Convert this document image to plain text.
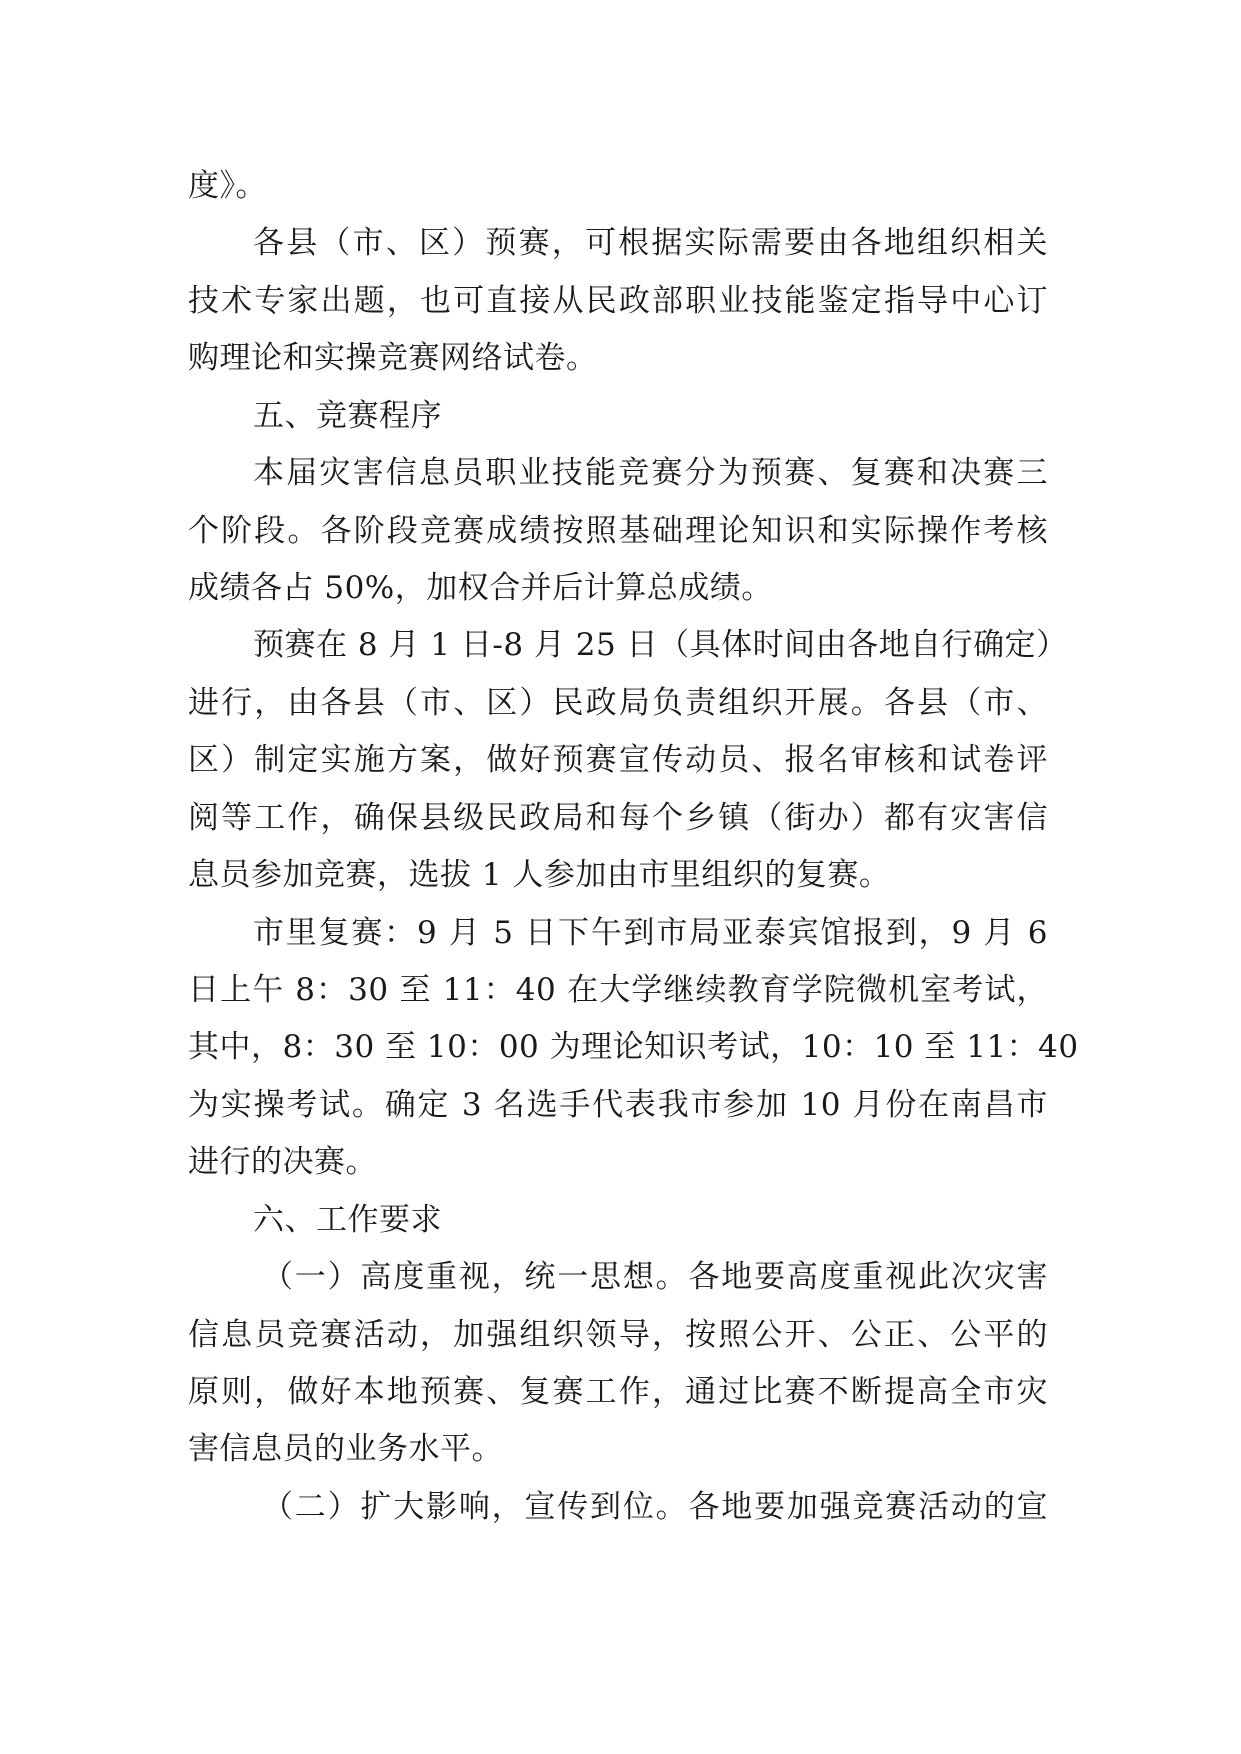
度》。
各县（市、区）预赛，可根据实际需要由各地组织相关
技术专家出题，也可直接从民政部职业技能鉴定指导中心订
购理论和实操竞赛网络试卷。
五、竞赛程序
本届灾害信息员职业技能竞赛分为预赛、复赛和决赛三
个阶段。各阶段竞赛成绩按照基础理论知识和实际操作考核
成绩各占 50%，加权合并后计算总成绩。
预赛在 8 月 1 日-8 月 25 日（具体时间由各地自行确定）
进行，由各县（市、区）民政局负责组织开展。各县（市、
区）制定实施方案，做好预赛宣传动员、报名审核和试卷评
阅等工作，确保县级民政局和每个乡镇（街办）都有灾害信
息员参加竞赛，选拔 1 人参加由市里组织的复赛。
市里复赛：9 月 5 日下午到市局亚泰宾馆报到，9 月 6
日上午 8：30 至 11：40 在大学继续教育学院微机室考试，
其中，8：30 至 10：00 为理论知识考试，10：10 至 11：40
为实操考试。确定 3 名选手代表我市参加 10 月份在南昌市
进行的决赛。
六、工作要求
（一）高度重视，统一思想。各地要高度重视此次灾害
信息员竞赛活动，加强组织领导，按照公开、公正、公平的
原则，做好本地预赛、复赛工作，通过比赛不断提高全市灾
害信息员的业务水平。
（二）扩大影响，宣传到位。各地要加强竞赛活动的宣
